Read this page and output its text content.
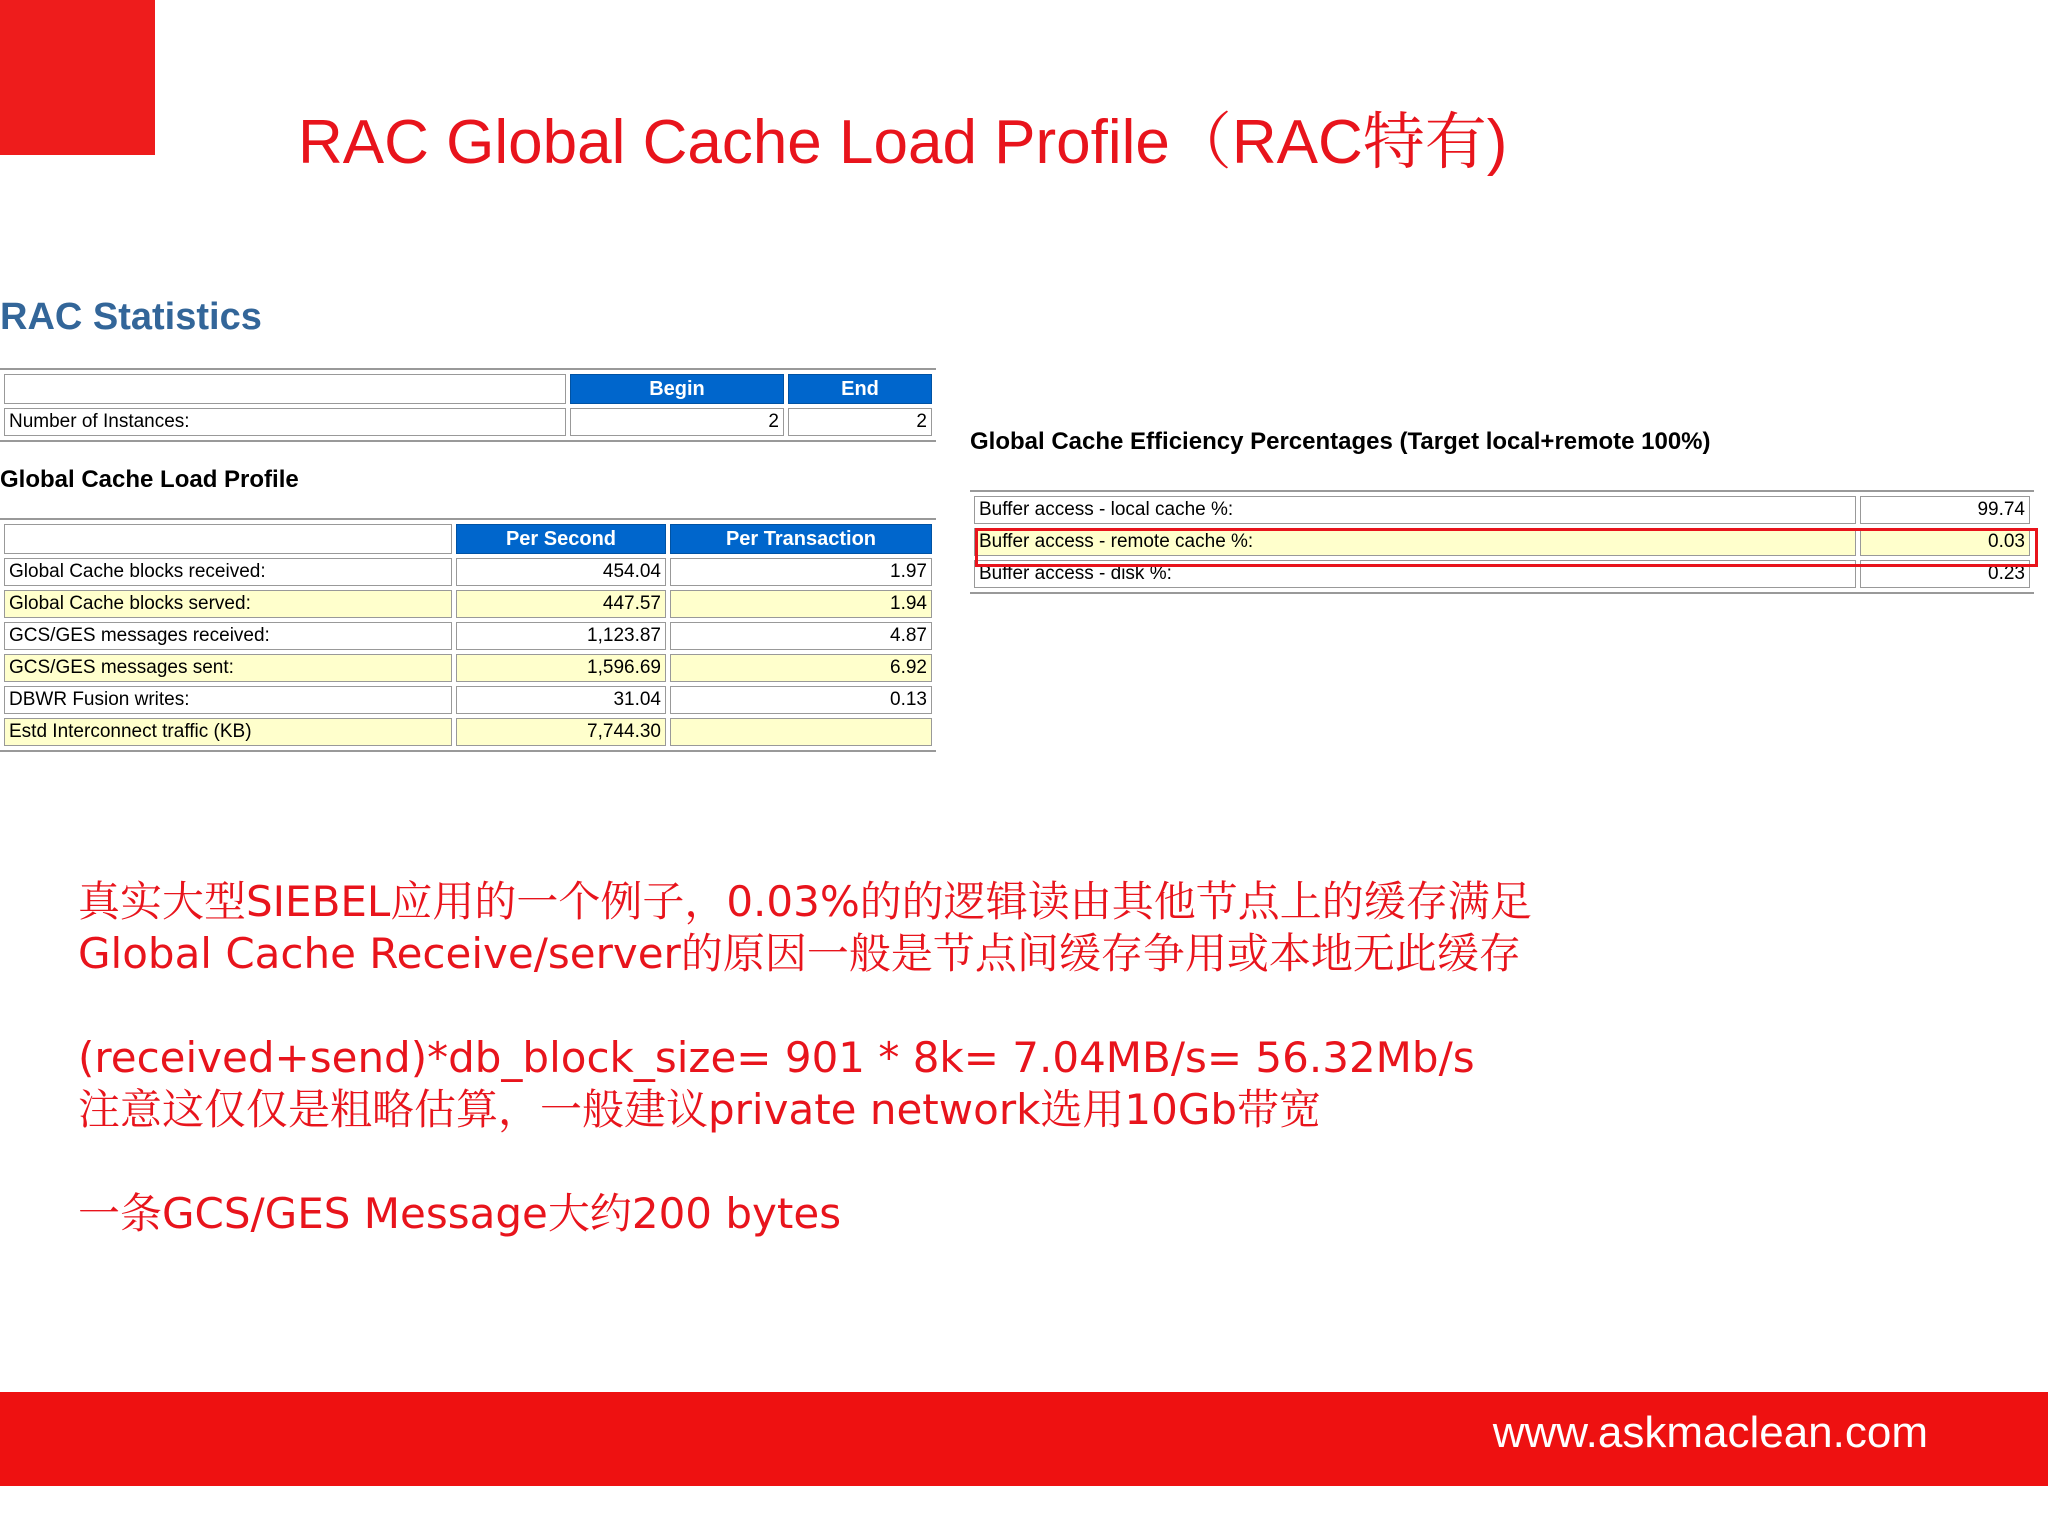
RAC Global Cache Load Profile（RAC特有)
RAC Statistics
	Begin	End
Number of Instances:	2	2
Global Cache Load Profile
	Per Second	Per Transaction
Global Cache blocks received:	454.04	1.97
Global Cache blocks served:	447.57	1.94
GCS/GES messages received:	1,123.87	4.87
GCS/GES messages sent:	1,596.69	6.92
DBWR Fusion writes:	31.04	0.13
Estd Interconnect traffic (KB)	7,744.30	
Global Cache Efficiency Percentages (Target local+remote 100%)
Buffer access - local cache %:	99.74
Buffer access - remote cache %:	0.03
Buffer access - disk %:	0.23
真实大型SIEBEL应用的一个例子，0.03%的的逻辑读由其他节点上的缓存满足
Global Cache Receive/server的原因一般是节点间缓存争用或本地无此缓存
(received+send)*db_block_size= 901 * 8k= 7.04MB/s= 56.32Mb/s
注意这仅仅是粗略估算，一般建议private network选用10Gb带宽
一条GCS/GES Message大约200 bytes
www.askmaclean.com
